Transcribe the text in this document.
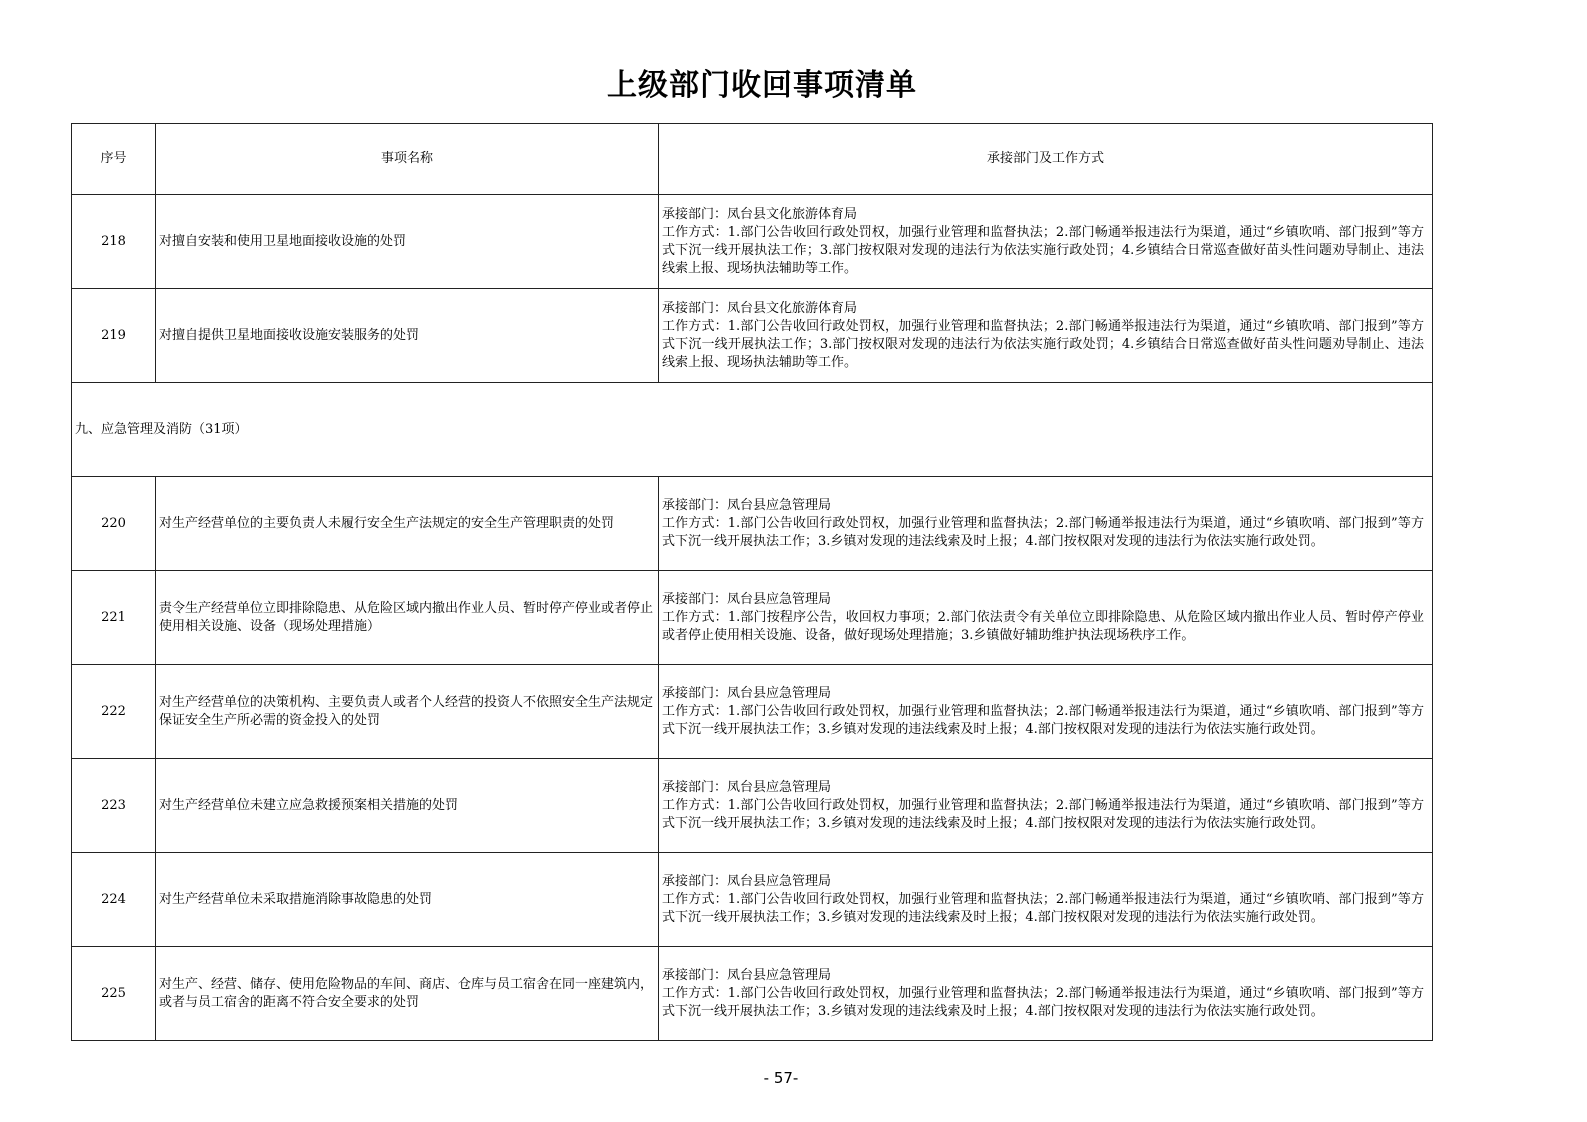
上级部门收回事项清单
序号	事项名称	承接部门及工作方式
218	对擅自安装和使用卫星地面接收设施的处罚	承接部门：凤台县文化旅游体育局
工作方式：1.部门公告收回行政处罚权，加强行业管理和监督执法；2.部门畅通举报违法行为渠道，通过“乡镇吹哨、部门报到”等方式下沉一线开展执法工作；3.部门按权限对发现的违法行为依法实施行政处罚；4.乡镇结合日常巡查做好苗头性问题劝导制止、违法线索上报、现场执法辅助等工作。

219	对擅自提供卫星地面接收设施安装服务的处罚	承接部门：凤台县文化旅游体育局
工作方式：1.部门公告收回行政处罚权，加强行业管理和监督执法；2.部门畅通举报违法行为渠道，通过“乡镇吹哨、部门报到”等方式下沉一线开展执法工作；3.部门按权限对发现的违法行为依法实施行政处罚；4.乡镇结合日常巡查做好苗头性问题劝导制止、违法线索上报、现场执法辅助等工作。

九、应急管理及消防（31项）		
220	对生产经营单位的主要负责人未履行安全生产法规定的安全生产管理职责的处罚	承接部门：凤台县应急管理局
工作方式：1.部门公告收回行政处罚权，加强行业管理和监督执法；2.部门畅通举报违法行为渠道，通过“乡镇吹哨、部门报到”等方式下沉一线开展执法工作；3.乡镇对发现的违法线索及时上报；4.部门按权限对发现的违法行为依法实施行政处罚。

221	责令生产经营单位立即排除隐患、从危险区域内撤出作业人员、暂时停产停业或者停止使用相关设施、设备（现场处理措施）	承接部门：凤台县应急管理局
工作方式：1.部门按程序公告，收回权力事项；2.部门依法责令有关单位立即排除隐患、从危险区域内撤出作业人员、暂时停产停业或者停止使用相关设施、设备，做好现场处理措施；3.乡镇做好辅助维护执法现场秩序工作。

222	对生产经营单位的决策机构、主要负责人或者个人经营的投资人不依照安全生产法规定保证安全生产所必需的资金投入的处罚	承接部门：凤台县应急管理局
工作方式：1.部门公告收回行政处罚权，加强行业管理和监督执法；2.部门畅通举报违法行为渠道，通过“乡镇吹哨、部门报到”等方式下沉一线开展执法工作；3.乡镇对发现的违法线索及时上报；4.部门按权限对发现的违法行为依法实施行政处罚。

223	对生产经营单位未建立应急救援预案相关措施的处罚	承接部门：凤台县应急管理局
工作方式：1.部门公告收回行政处罚权，加强行业管理和监督执法；2.部门畅通举报违法行为渠道，通过“乡镇吹哨、部门报到”等方式下沉一线开展执法工作；3.乡镇对发现的违法线索及时上报；4.部门按权限对发现的违法行为依法实施行政处罚。

224	对生产经营单位未采取措施消除事故隐患的处罚	承接部门：凤台县应急管理局
工作方式：1.部门公告收回行政处罚权，加强行业管理和监督执法；2.部门畅通举报违法行为渠道，通过“乡镇吹哨、部门报到”等方式下沉一线开展执法工作；3.乡镇对发现的违法线索及时上报；4.部门按权限对发现的违法行为依法实施行政处罚。

225	对生产、经营、储存、使用危险物品的车间、商店、仓库与员工宿舍在同一座建筑内，或者与员工宿舍的距离不符合安全要求的处罚	承接部门：凤台县应急管理局
工作方式：1.部门公告收回行政处罚权，加强行业管理和监督执法；2.部门畅通举报违法行为渠道，通过“乡镇吹哨、部门报到”等方式下沉一线开展执法工作；3.乡镇对发现的违法线索及时上报；4.部门按权限对发现的违法行为依法实施行政处罚。
- 57-
